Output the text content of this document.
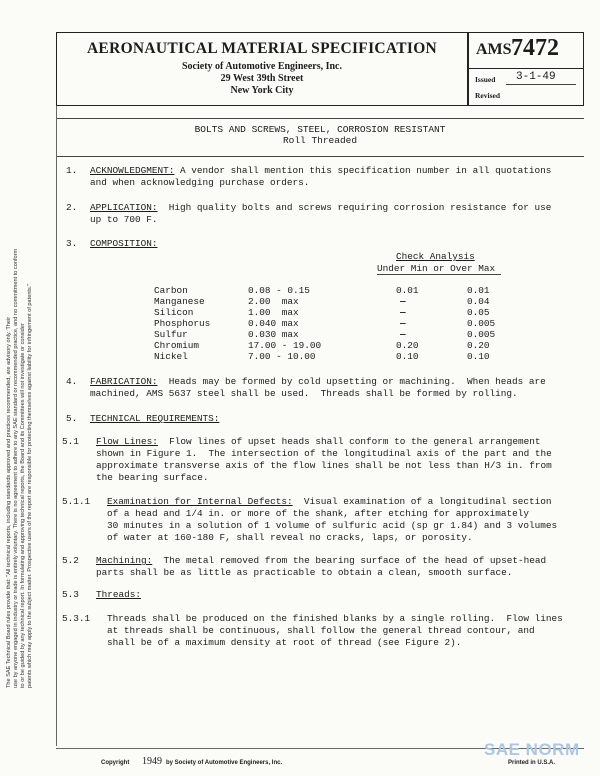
AERONAUTICAL MATERIAL SPECIFICATION
Society of Automotive Engineers, Inc.
29 West 39th Street
New York City
AMS 7472
Issued 3-1-49
Revised
BOLTS AND SCREWS, STEEL, CORROSION RESISTANT
Roll Threaded
1. ACKNOWLEDGMENT: A vendor shall mention this specification number in all quotations
and when acknowledging purchase orders.
2. APPLICATION:  High quality bolts and screws requiring corrosion resistance for use
up to 700 F.
3. COMPOSITION:
Check Analysis
Under Min or Over Max
Carbon	0.08 - 0.15	0.01	0.01
Manganese	2.00  max	—	0.04
Silicon	1.00  max	—	0.05
Phosphorus	0.040 max	—	0.005
Sulfur	0.030 max	—	0.005
Chromium	17.00 - 19.00	0.20	0.20
Nickel	7.00 - 10.00	0.10	0.10
4. FABRICATION:  Heads may be formed by cold upsetting or machining.  When heads are
machined, AMS 5637 steel shall be used.  Threads shall be formed by rolling.
5. TECHNICAL REQUIREMENTS:
5.1 Flow Lines:  Flow lines of upset heads shall conform to the general arrangement
shown in Figure 1.  The intersection of the longitudinal axis of the part and the
approximate transverse axis of the flow lines shall be not less than H/3 in. from
the bearing surface.
5.1.1 Examination for Internal Defects:  Visual examination of a longitudinal section
of a head and 1/4 in. or more of the shank, after etching for approximately
30 minutes in a solution of 1 volume of sulfuric acid (sp gr 1.84) and 3 volumes
of water at 160-180 F, shall reveal no cracks, laps, or porosity.
5.2 Machining:  The metal removed from the bearing surface of the head of upset-head
parts shall be as little as practicable to obtain a clean, smooth surface.
5.3 Threads:
5.3.1 Threads shall be produced on the finished blanks by a single rolling.  Flow lines
at threads shall be continuous, shall follow the general thread contour, and
shall be of a maximum density at root of thread (see Figure 2).
The SAE Technical Board rules provide that: "All technical reports, including standards approved and practices recommended, are advisory only. Their use by anyone engaged in industry or trade is entirely voluntary. There is no agreement to adhere to any SAE standard or recommended practice, and no commitment to conform to or be guided by any technical report. In formulating and approving technical reports, the Board and its Committees will not investigate or consider patents which may apply to the subject matter. Prospective users of the report are responsible for protecting themselves against liability for infringement of patents."
Copyright 1949 by Society of Automotive Engineers, Inc.
SAE NORM
Printed in U.S.A.
